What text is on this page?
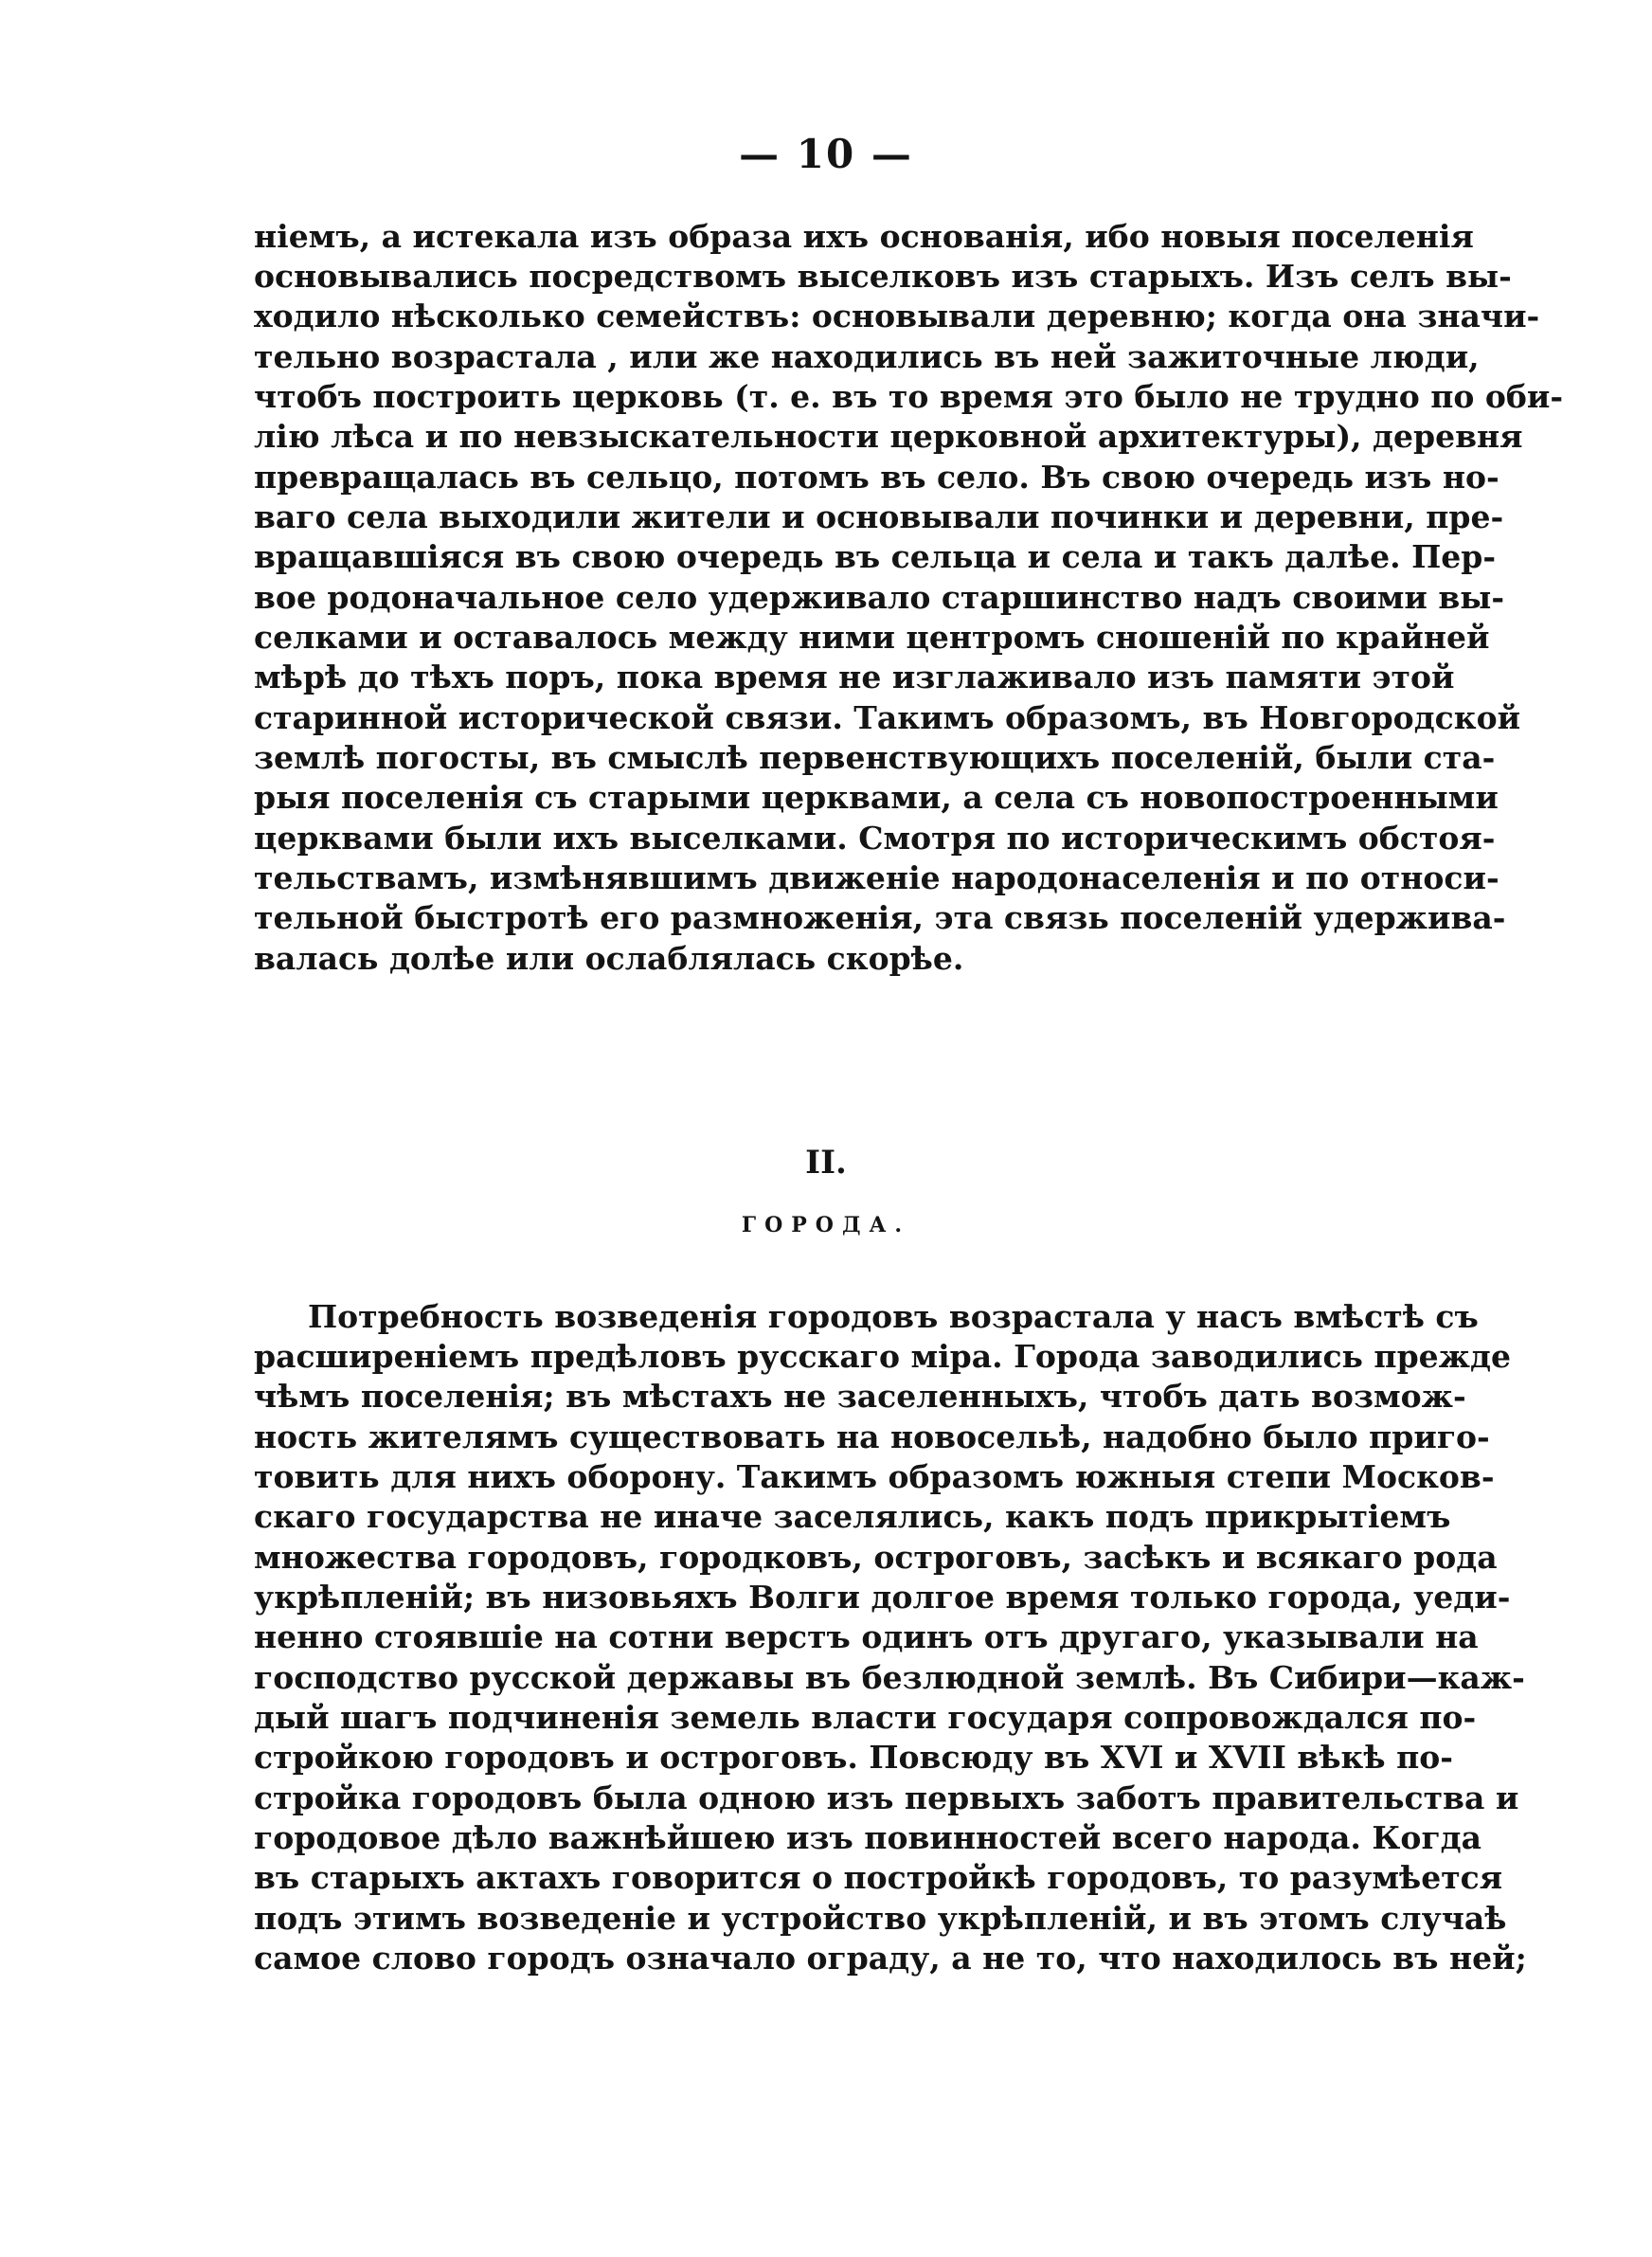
— 10 —
ніемъ, а истекала изъ образа ихъ основанія, ибо новыя поселенія
основывались посредствомъ выселковъ изъ старыхъ. Изъ селъ вы-
ходило нѣсколько семействъ: основывали деревню; когда она значи-
тельно возрастала , или же находились въ ней зажиточные люди,
чтобъ построить церковь (т. е. въ то время это было не трудно по оби-
лію лѣса и по невзыскательности церковной архитектуры), деревня
превращалась въ сельцо, потомъ въ село. Въ свою очередь изъ но-
ваго села выходили жители и основывали починки и деревни, пре-
вращавшіяся въ свою очередь въ сельца и села и такъ далѣе. Пер-
вое родоначальное село удерживало старшинство надъ своими вы-
селками и оставалось между ними центромъ сношеній по крайней
мѣрѣ до тѣхъ поръ, пока время не изглаживало изъ памяти этой
старинной исторической связи. Такимъ образомъ, въ Новгородской
землѣ погосты, въ смыслѣ первенствующихъ поселеній, были ста-
рыя поселенія съ старыми церквами, а села съ новопостроенными
церквами были ихъ выселками. Смотря по историческимъ обстоя-
тельствамъ, измѣнявшимъ движеніе народонаселенія и по относи-
тельной быстротѣ его размноженія, эта связь поселеній удержива-
валась долѣе или ослаблялась скорѣе.
II.
ГОРОДА.
Потребность возведенія городовъ возрастала у насъ вмѣстѣ съ
расширеніемъ предѣловъ русскаго міра. Города заводились прежде
чѣмъ поселенія; въ мѣстахъ не заселенныхъ, чтобъ дать возмож-
ность жителямъ существовать на новосельѣ, надобно было приго-
товить для нихъ оборону. Такимъ образомъ южныя степи Москов-
скаго государства не иначе заселялись, какъ подъ прикрытіемъ
множества городовъ, городковъ, остроговъ, засѣкъ и всякаго рода
укрѣпленій; въ низовьяхъ Волги долгое время только города, уеди-
ненно стоявшіе на сотни верстъ одинъ отъ другаго, указывали на
господство русской державы въ безлюдной землѣ. Въ Сибири—каж-
дый шагъ подчиненія земель власти государя сопровождался по-
стройкою городовъ и остроговъ. Повсюду въ XVI и XVII вѣкѣ по-
стройка городовъ была одною изъ первыхъ заботъ правительства и
городовое дѣло важнѣйшею изъ повинностей всего народа. Когда
въ старыхъ актахъ говорится о постройкѣ городовъ, то разумѣется
подъ этимъ возведеніе и устройство укрѣпленій, и въ этомъ случаѣ
самое слово городъ означало ограду, а не то, что находилось въ ней;
